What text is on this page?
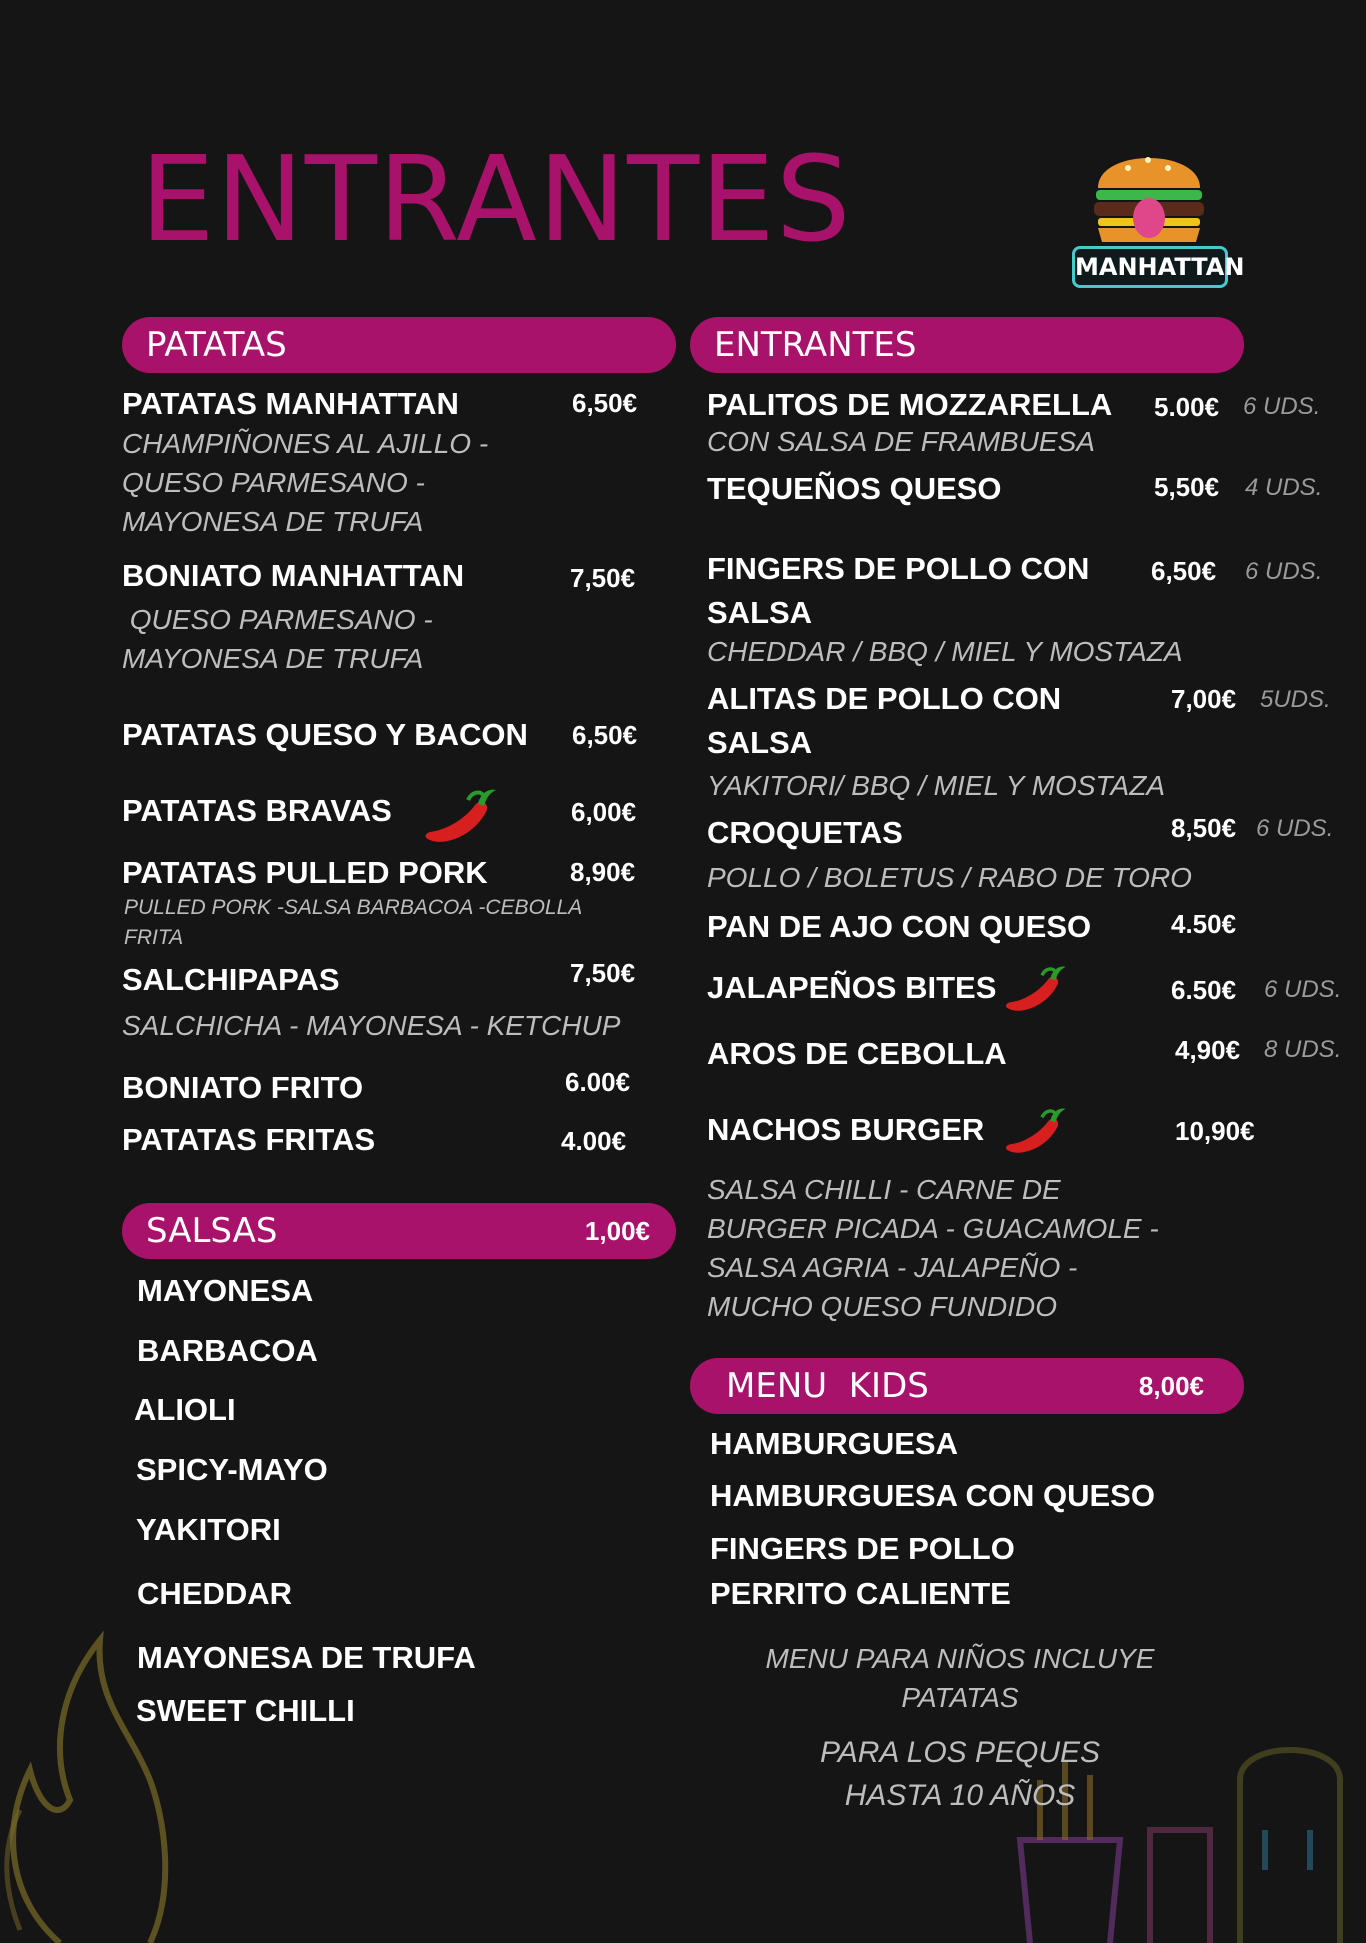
ENTRANTES	MANHATTAN
PATATAS
PATATAS MANHATTAN	6,50€
CHAMPIÑONES AL AJILLO -
QUESO PARMESANO -
MAYONESA DE TRUFA
BONIATO MANHATTAN	7,50€
QUESO PARMESANO -
MAYONESA DE TRUFA
PATATAS QUESO Y BACON 6,50€
PATATAS BRAVAS	6,00€
PATATAS PULLED PORK	8,90€
PULLED PORK -SALSA BARBACOA -CEBOLLA FRITA
SALCHIPAPAS	7,50€
SALCHICHA - MAYONESA - KETCHUP
BONIATO FRITO	6.00€
PATATAS FRITAS	4.00€
SALSAS	1,00€
MAYONESA
BARBACOA
ALIOLI
SPICY-MAYO
YAKITORI
CHEDDAR
MAYONESA DE TRUFA
SWEET CHILLI
ENTRANTES
PALITOS DE MOZZARELLA 5.00€ 6 UDS.
CON SALSA DE FRAMBUESA
TEQUEÑOS QUESO	5,50€ 4 UDS.
FINGERS DE POLLO CON SALSA
6,50€ 6 UDS.
CHEDDAR / BBQ / MIEL Y MOSTAZA
ALITAS DE POLLO CON SALSA
7,00€ 5UDS.
YAKITORI/ BBQ / MIEL Y MOSTAZA
CROQUETAS	8,50€ 6 UDS.
POLLO / BOLETUS / RABO DE TORO
PAN DE AJO CON QUESO	4.50€
JALAPEÑOS BITES	6.50€ 6 UDS.
AROS DE CEBOLLA	4,90€ 8 UDS.
NACHOS BURGER	10,90€
SALSA CHILLI - CARNE DE
BURGER PICADA - GUACAMOLE -
SALSA AGRIA - JALAPEÑO -
MUCHO QUESO FUNDIDO
MENU  KIDS	8,00€
HAMBURGUESA
HAMBURGUESA CON QUESO
FINGERS DE POLLO
PERRITO CALIENTE
MENU PARA NIÑOS INCLUYE
PATATAS
PARA LOS PEQUES
HASTA 10 AÑOS
